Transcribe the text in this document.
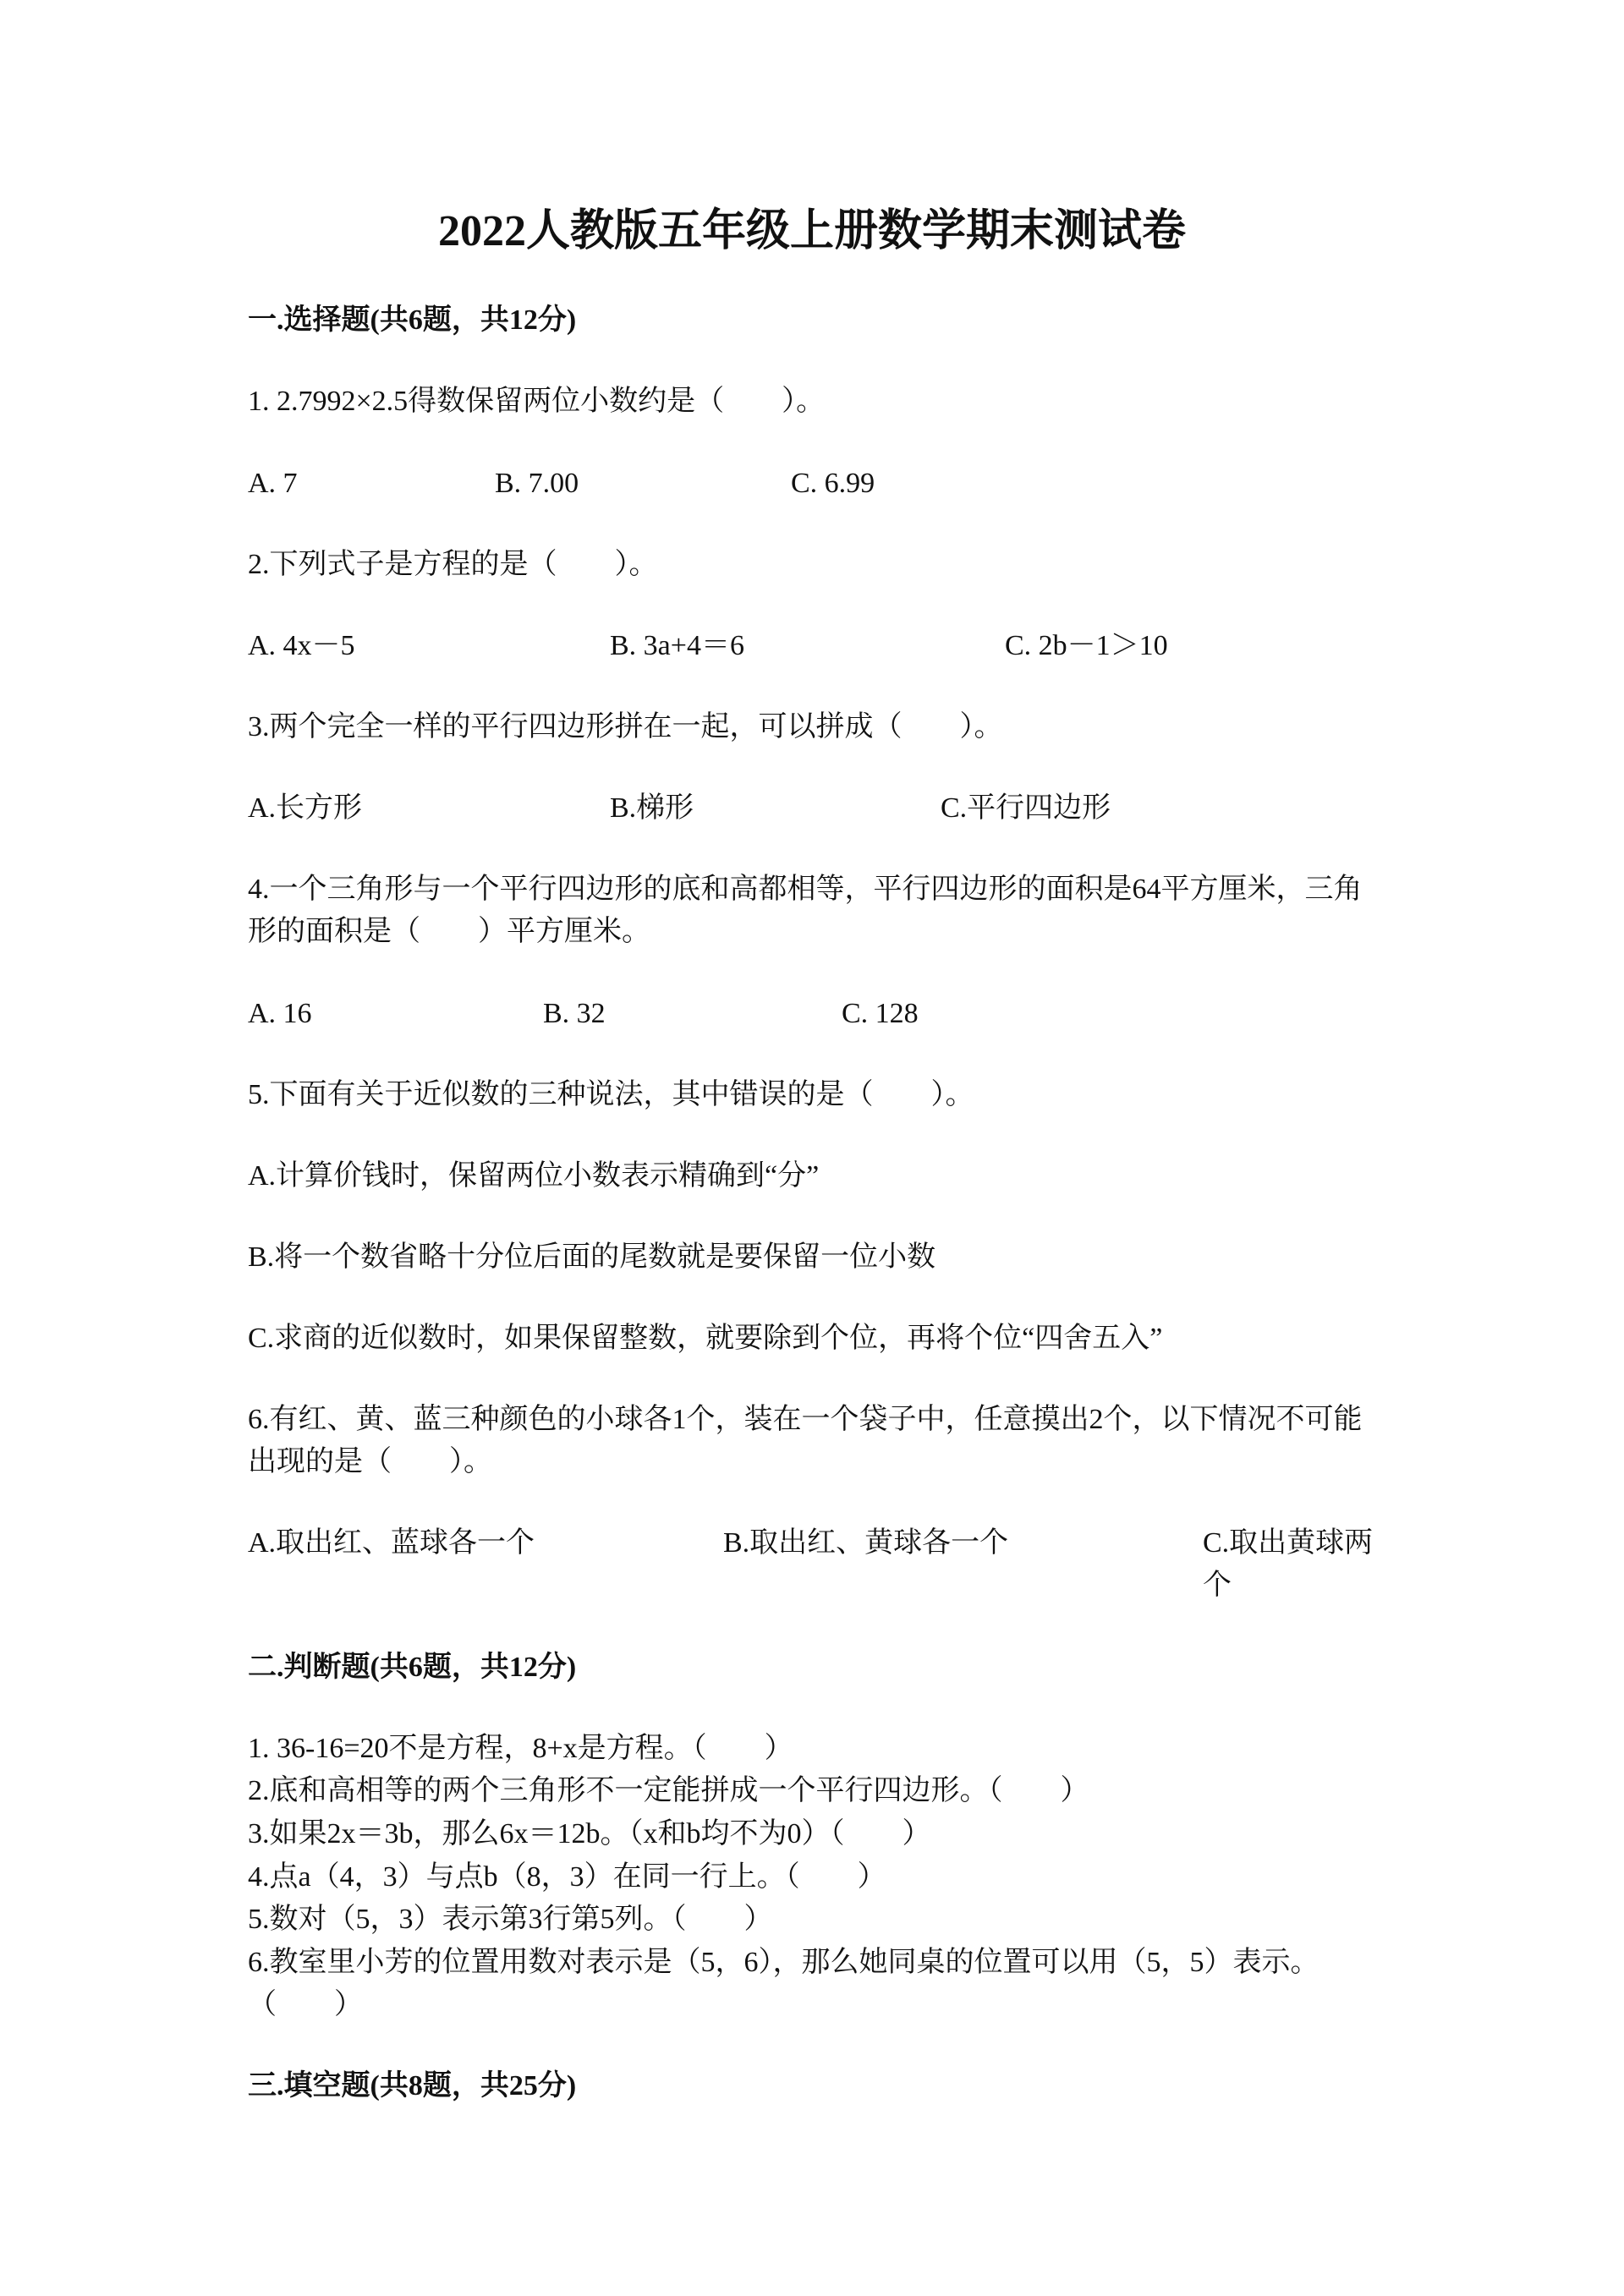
2022人教版五年级上册数学期末测试卷
一.选择题(共6题，共12分)
1. 2.7992×2.5得数保留两位小数约是（　　）。
A. 7	B. 7.00	C. 6.99
2.下列式子是方程的是（　　）。
A. 4x－5	B. 3a+4＝6	C. 2b－1＞10
3.两个完全一样的平行四边形拼在一起，可以拼成（　　）。
A.长方形	B.梯形	C.平行四边形
4.一个三角形与一个平行四边形的底和高都相等，平行四边形的面积是64平方厘米，三角形的面积是（　　）平方厘米。
A. 16	B. 32	C. 128
5.下面有关于近似数的三种说法，其中错误的是（　　）。
A.计算价钱时，保留两位小数表示精确到“分”
B.将一个数省略十分位后面的尾数就是要保留一位小数
C.求商的近似数时，如果保留整数，就要除到个位，再将个位“四舍五入”
6.有红、黄、蓝三种颜色的小球各1个，装在一个袋子中，任意摸出2个，以下情况不可能出现的是（　　）。
A.取出红、蓝球各一个	B.取出红、黄球各一个	C.取出黄球两个
二.判断题(共6题，共12分)
1. 36-16=20不是方程，8+x是方程。（　　）
2.底和高相等的两个三角形不一定能拼成一个平行四边形。（　　）
3.如果2x＝3b，那么6x＝12b。（x和b均不为0）（　　）
4.点a（4，3）与点b（8，3）在同一行上。（　　）
5.数对（5，3）表示第3行第5列。（　　）
6.教室里小芳的位置用数对表示是（5，6），那么她同桌的位置可以用（5，5）表示。（　　）
三.填空题(共8题，共25分)
